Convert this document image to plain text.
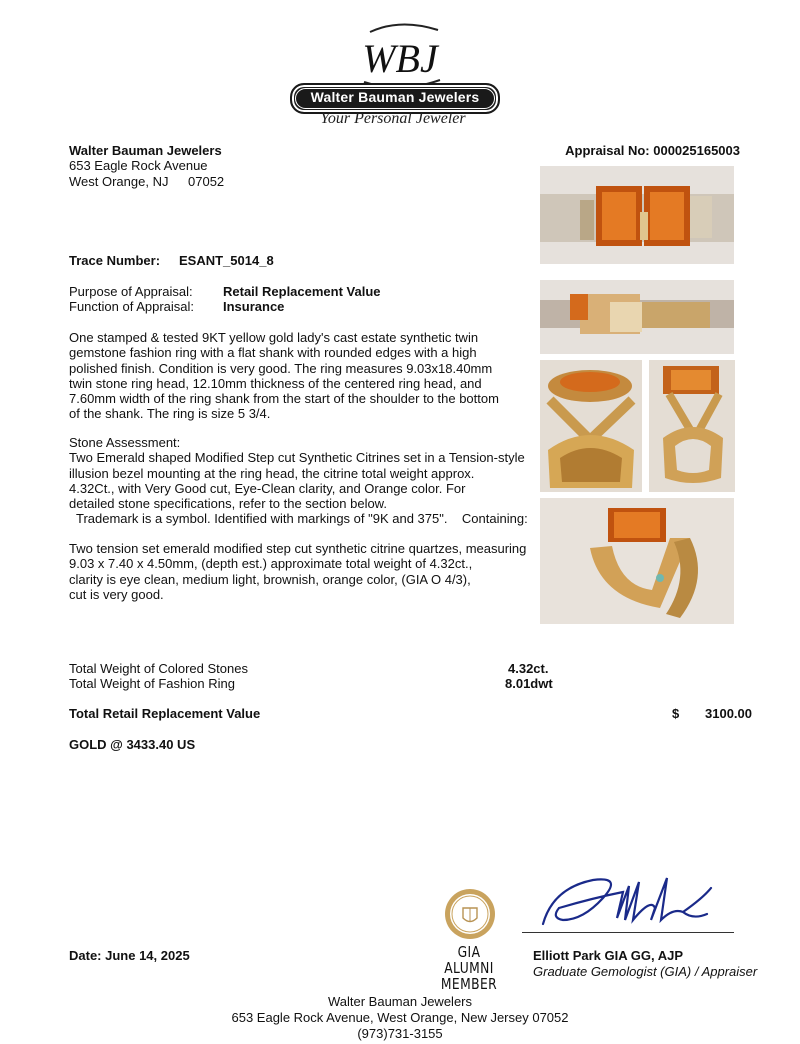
WBJ
Walter Bauman Jewelers
Your Personal Jeweler
Walter Bauman Jewelers
653 Eagle Rock Avenue
West Orange, NJ 07052
Appraisal No: 000025165003
Trace Number: ESANT_5014_8
Purpose of Appraisal: Retail Replacement Value
Function of Appraisal: Insurance
One stamped & tested 9KT yellow gold lady's cast estate synthetic twin
gemstone fashion ring with a flat shank with rounded edges with a high
polished finish. Condition is very good. The ring measures 9.03x18.40mm
twin stone ring head, 12.10mm thickness of the centered ring head, and
7.60mm width of the ring shank from the start of the shoulder to the bottom
of the shank. The ring is size 5 3/4.
Stone Assessment:
Two Emerald shaped Modified Step cut Synthetic Citrines set in a Tension-style
illusion bezel mounting at the ring head, the citrine total weight approx.
4.32Ct., with Very Good cut, Eye-Clean clarity, and Orange color. For
detailed stone specifications, refer to the section below.
Trademark is a symbol. Identified with markings of "9K and 375".    Containing:
Two tension set emerald modified step cut synthetic citrine quartzes, measuring
9.03 x 7.40 x 4.50mm, (depth est.) approximate total weight of 4.32ct.,
clarity is eye clean, medium light, brownish, orange color, (GIA O 4/3),
cut is very good.
Total Weight of Colored Stones	4.32ct.
Total Weight of Fashion Ring	8.01dwt
Total Retail Replacement Value	$ 3100.00
GOLD @ 3433.40 US
Date: June 14, 2025	GIA ALUMNI
MEMBER
Elliott Park GIA GG, AJP
Graduate Gemologist (GIA) / Appraiser
Walter Bauman Jewelers
653 Eagle Rock Avenue, West Orange, New Jersey 07052
(973)731-3155
